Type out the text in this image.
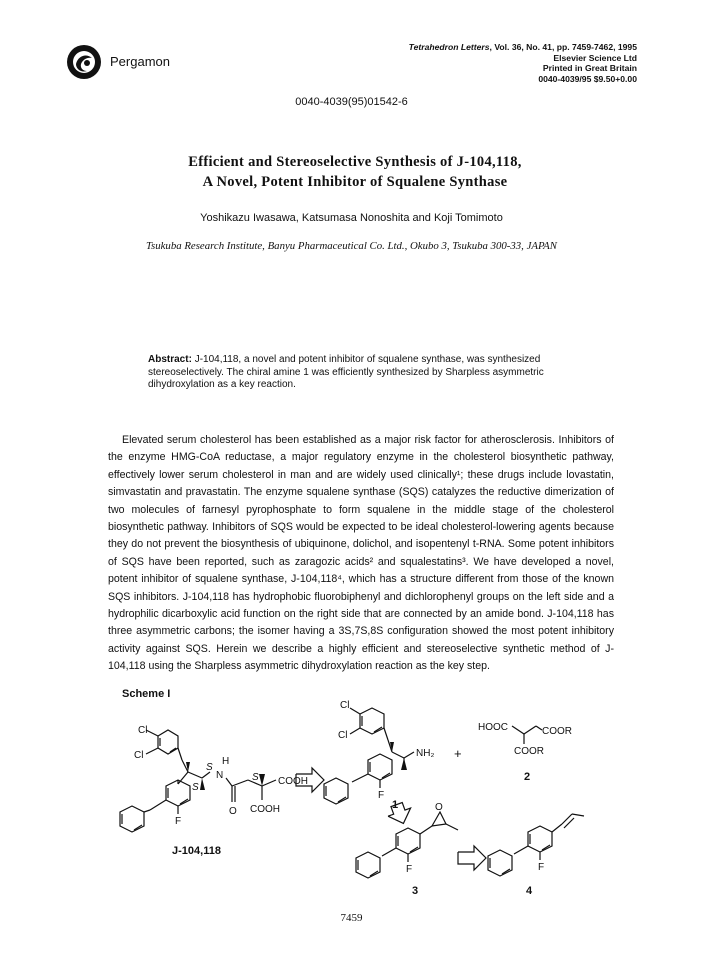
Pergamon
Tetrahedron Letters, Vol. 36, No. 41, pp. 7459-7462, 1995
Elsevier Science Ltd
Printed in Great Britain
0040-4039/95 $9.50+0.00
0040-4039(95)01542-6
Efficient and Stereoselective Synthesis of J-104,118,
A Novel, Potent Inhibitor of Squalene Synthase
Yoshikazu Iwasawa, Katsumasa Nonoshita and Koji Tomimoto
Tsukuba Research Institute, Banyu Pharmaceutical Co. Ltd., Okubo 3, Tsukuba 300-33, JAPAN
Abstract: J-104,118, a novel and potent inhibitor of squalene synthase, was synthesized stereoselectively. The chiral amine 1 was efficiently synthesized by Sharpless asymmetric dihydroxylation as a key reaction.

Elevated serum cholesterol has been established as a major risk factor for atherosclerosis. Inhibitors of the enzyme HMG-CoA reductase, a major regulatory enzyme in the cholesterol biosynthetic pathway, effectively lower serum cholesterol in man and are widely used clinically¹; these drugs include lovastatin, simvastatin and pravastatin. The enzyme squalene synthase (SQS) catalyzes the reductive dimerization of two molecules of farnesyl pyrophosphate to form squalene in the middle stage of the cholesterol biosynthetic pathway. Inhibitors of SQS would be expected to be ideal cholesterol-lowering agents because they do not prevent the biosynthesis of ubiquinone, dolichol, and isopentenyl t-RNA. Some potent inhibitors of SQS have been reported, such as zaragozic acids² and squalestatins³. We have developed a novel, potent inhibitor of squalene synthase, J-104,118⁴, which has a structure different from those of the known SQS inhibitors. J-104,118 has hydrophobic fluorobiphenyl and dichlorophenyl groups on the left side and a hydrophilic dicarboxylic acid function on the right side that are connected by an amide bond. J-104,118 has three asymmetric carbons; the isomer having a 3S,7S,8S configuration showed the most potent inhibitory activity against SQS. Herein we describe a highly efficient and stereoselective synthetic method of J-104,118 using the Sharpless asymmetric dihydroxylation reaction as the key step.

Scheme I
Cl
Cl
S
S
S
H
N
O
COOH
COOH
F
J-104,118
Cl
Cl
NH₂
F
1
+
HOOC	COOR
COOR
2
O
F
3
F
4
7459
